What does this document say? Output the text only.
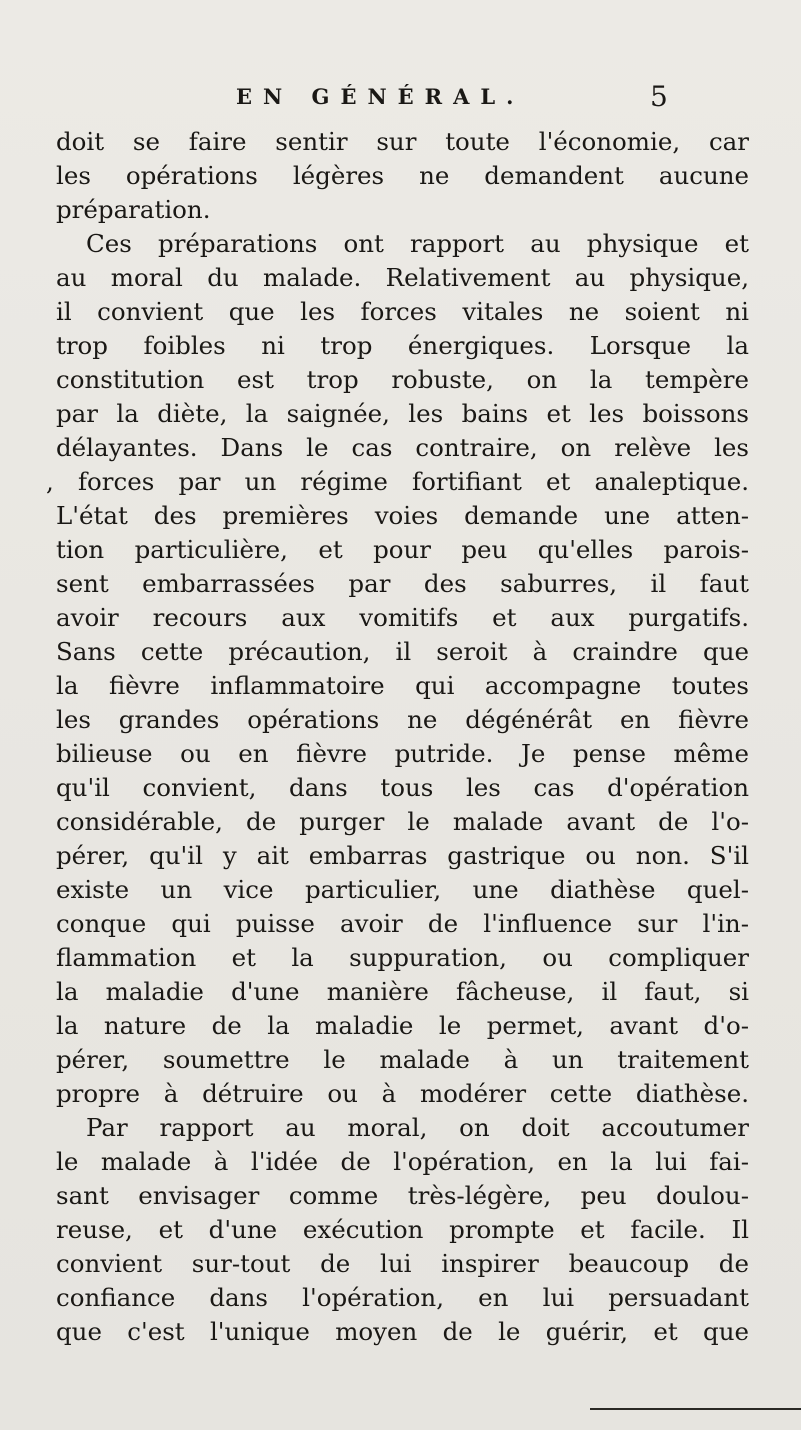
EN GÉNÉRAL.	5
doit se faire sentir sur toute l'économie, car
les opérations légères ne demandent aucune
préparation.
Ces préparations ont rapport au physique et
au moral du malade. Relativement au physique,
il convient que les forces vitales ne soient ni
trop foibles ni trop énergiques. Lorsque la
constitution est trop robuste, on la tempère
par la diète, la saignée, les bains et les boissons
délayantes. Dans le cas contraire, on relève les
, forces par un régime fortifiant et analeptique.
L'état des premières voies demande une atten-
tion particulière, et pour peu qu'elles parois-
sent embarrassées par des saburres, il faut
avoir recours aux vomitifs et aux purgatifs.
Sans cette précaution, il seroit à craindre que
la fièvre inflammatoire qui accompagne toutes
les grandes opérations ne dégénérât en fièvre
bilieuse ou en fièvre putride. Je pense même
qu'il convient, dans tous les cas d'opération
considérable, de purger le malade avant de l'o-
pérer, qu'il y ait embarras gastrique ou non. S'il
existe un vice particulier, une diathèse quel-
conque qui puisse avoir de l'influence sur l'in-
flammation et la suppuration, ou compliquer
la maladie d'une manière fâcheuse, il faut, si
la nature de la maladie le permet, avant d'o-
pérer, soumettre le malade à un traitement
propre à détruire ou à modérer cette diathèse.
Par rapport au moral, on doit accoutumer
le malade à l'idée de l'opération, en la lui fai-
sant envisager comme très-légère, peu doulou-
reuse, et d'une exécution prompte et facile. Il
convient sur-tout de lui inspirer beaucoup de
confiance dans l'opération, en lui persuadant
que c'est l'unique moyen de le guérir, et que
